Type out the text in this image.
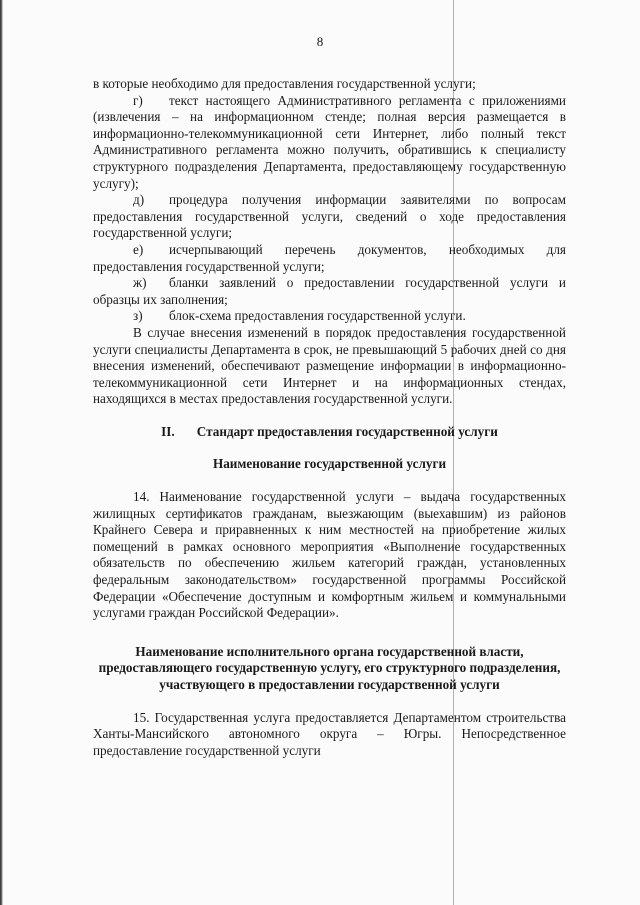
8

в которые необходимо для предоставления государственной услуги;

г) текст настоящего Административного регламента с приложениями (извлечения – на информационном стенде; полная версия размещается в информационно-телекоммуникационной сети Интернет, либо полный текст Административного регламента можно получить, обратившись к специалисту структурного подразделения Департамента, предоставляющему государственную услугу);

д) процедура получения информации заявителями по вопросам предоставления государственной услуги, сведений о ходе предоставления государственной услуги;

е) исчерпывающий перечень документов, необходимых для предоставления государственной услуги;

ж) бланки заявлений о предоставлении государственной услуги и образцы их заполнения;

з) блок-схема предоставления государственной услуги.

В случае внесения изменений в порядок предоставления государственной услуги специалисты Департамента в срок, не превышающий 5 рабочих дней со дня внесения изменений, обеспечивают размещение информации в информационно-телекоммуникационной сети Интернет и на информационных стендах, находящихся в местах предоставления государственной услуги.

II. Стандарт предоставления государственной услуги

Наименование государственной услуги

14. Наименование государственной услуги – выдача государственных жилищных сертификатов гражданам, выезжающим (выехавшим) из районов Крайнего Севера и приравненных к ним местностей на приобретение жилых помещений в рамках основного мероприятия «Выполнение государственных обязательств по обеспечению жильем категорий граждан, установленных федеральным законодательством» государственной программы Российской Федерации «Обеспечение доступным и комфортным жильем и коммунальными услугами граждан Российской Федерации».

Наименование исполнительного органа государственной власти, предоставляющего государственную услугу, его структурного подразделения, участвующего в предоставлении государственной услуги

15. Государственная услуга предоставляется Департаментом строительства Ханты-Мансийского автономного округа – Югры. Непосредственное предоставление государственной услуги
